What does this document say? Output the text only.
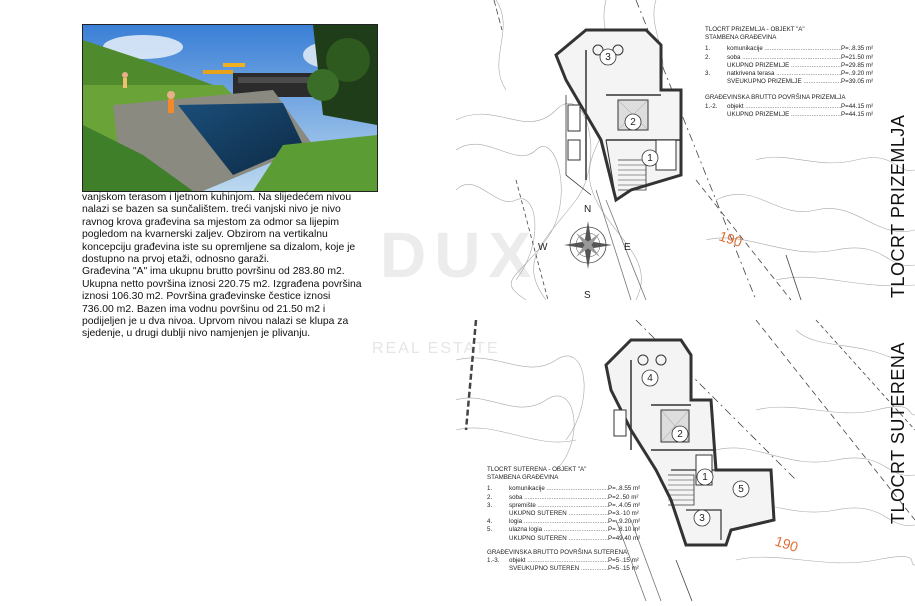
vanjskom terasom i ljetnom kuhinjom. Na slijedećem nivou

nalazi se bazen sa sunčalištem. treći vanjski nivo je nivo

ravnog krova građevina sa mjestom za odmor sa lijepim

pogledom na kvarnerski zaljev. Obzirom na vertikalnu

koncepciju građevina iste su opremljene sa dizalom, koje je

dostupno na prvoj etaži, odnosno garaži.

Građevina "A" ima ukupnu brutto površinu od 283.80 m2.

Ukupna netto površina iznosi 220.75 m2. Izgrađena površina

iznosi 106.30 m2. Površina građevinske čestice iznosi

736.00 m2. Bazen ima vodnu površinu od 21.50 m2 i

podijeljen je u dva nivoa. Uprvom nivou nalazi se klupa za

sjedenje, u drugi dublji nivo namjenjen je plivanju.

DUX
REAL ESTATE
3
2
1
190
N
S
E
W
4
2
1
5
3
190
TLOCRT PRIZEMLJA - OBJEKT "A"
STAMBENA GRAĐEVINA
1.	komunikacije .....	P=..8.35 m²
2.	soba .....	P=21.50 m²
UKUPNO PRIZEMLJE .....	P=29.85 m²
3.	natkrivena terasa .....	P=..9.20 m²
SVEUKUPNO PRIZEMLJE .....	P=39.05 m²
GRAĐEVINSKA BRUTTO POVRŠINA PRIZEMLJA
1.-2.	objekt .....	P=44.15 m²
UKUPNO PRIZEMLJE .....	P=44.15 m²
TLOCRT SUTERENA - OBJEKT "A"
STAMBENA GRAĐEVINA
1.	komunikacije .....	P=..8.55 m²
2.	soba .....	P=2..50 m²
3.	spremište .....	P=..4.05 m²
UKUPNO SUTEREN .....	P=3.·10 m²
4.	logia .....	P=..9.20 m²
5.	ulazna logia .....	P=..8.10 m²
UKUPNO SUTEREN .....	P=49.40 m²
GRAĐEVINSKA BRUTTO POVRŠINA SUTERENA:
1.-3.	objekt .....	P=5·.15 m²
SVEUKUPNO SUTEREN .....	P=5·.15 m²
TLOCRT PRIZEMLJA
TLOCRT SUTERENA
